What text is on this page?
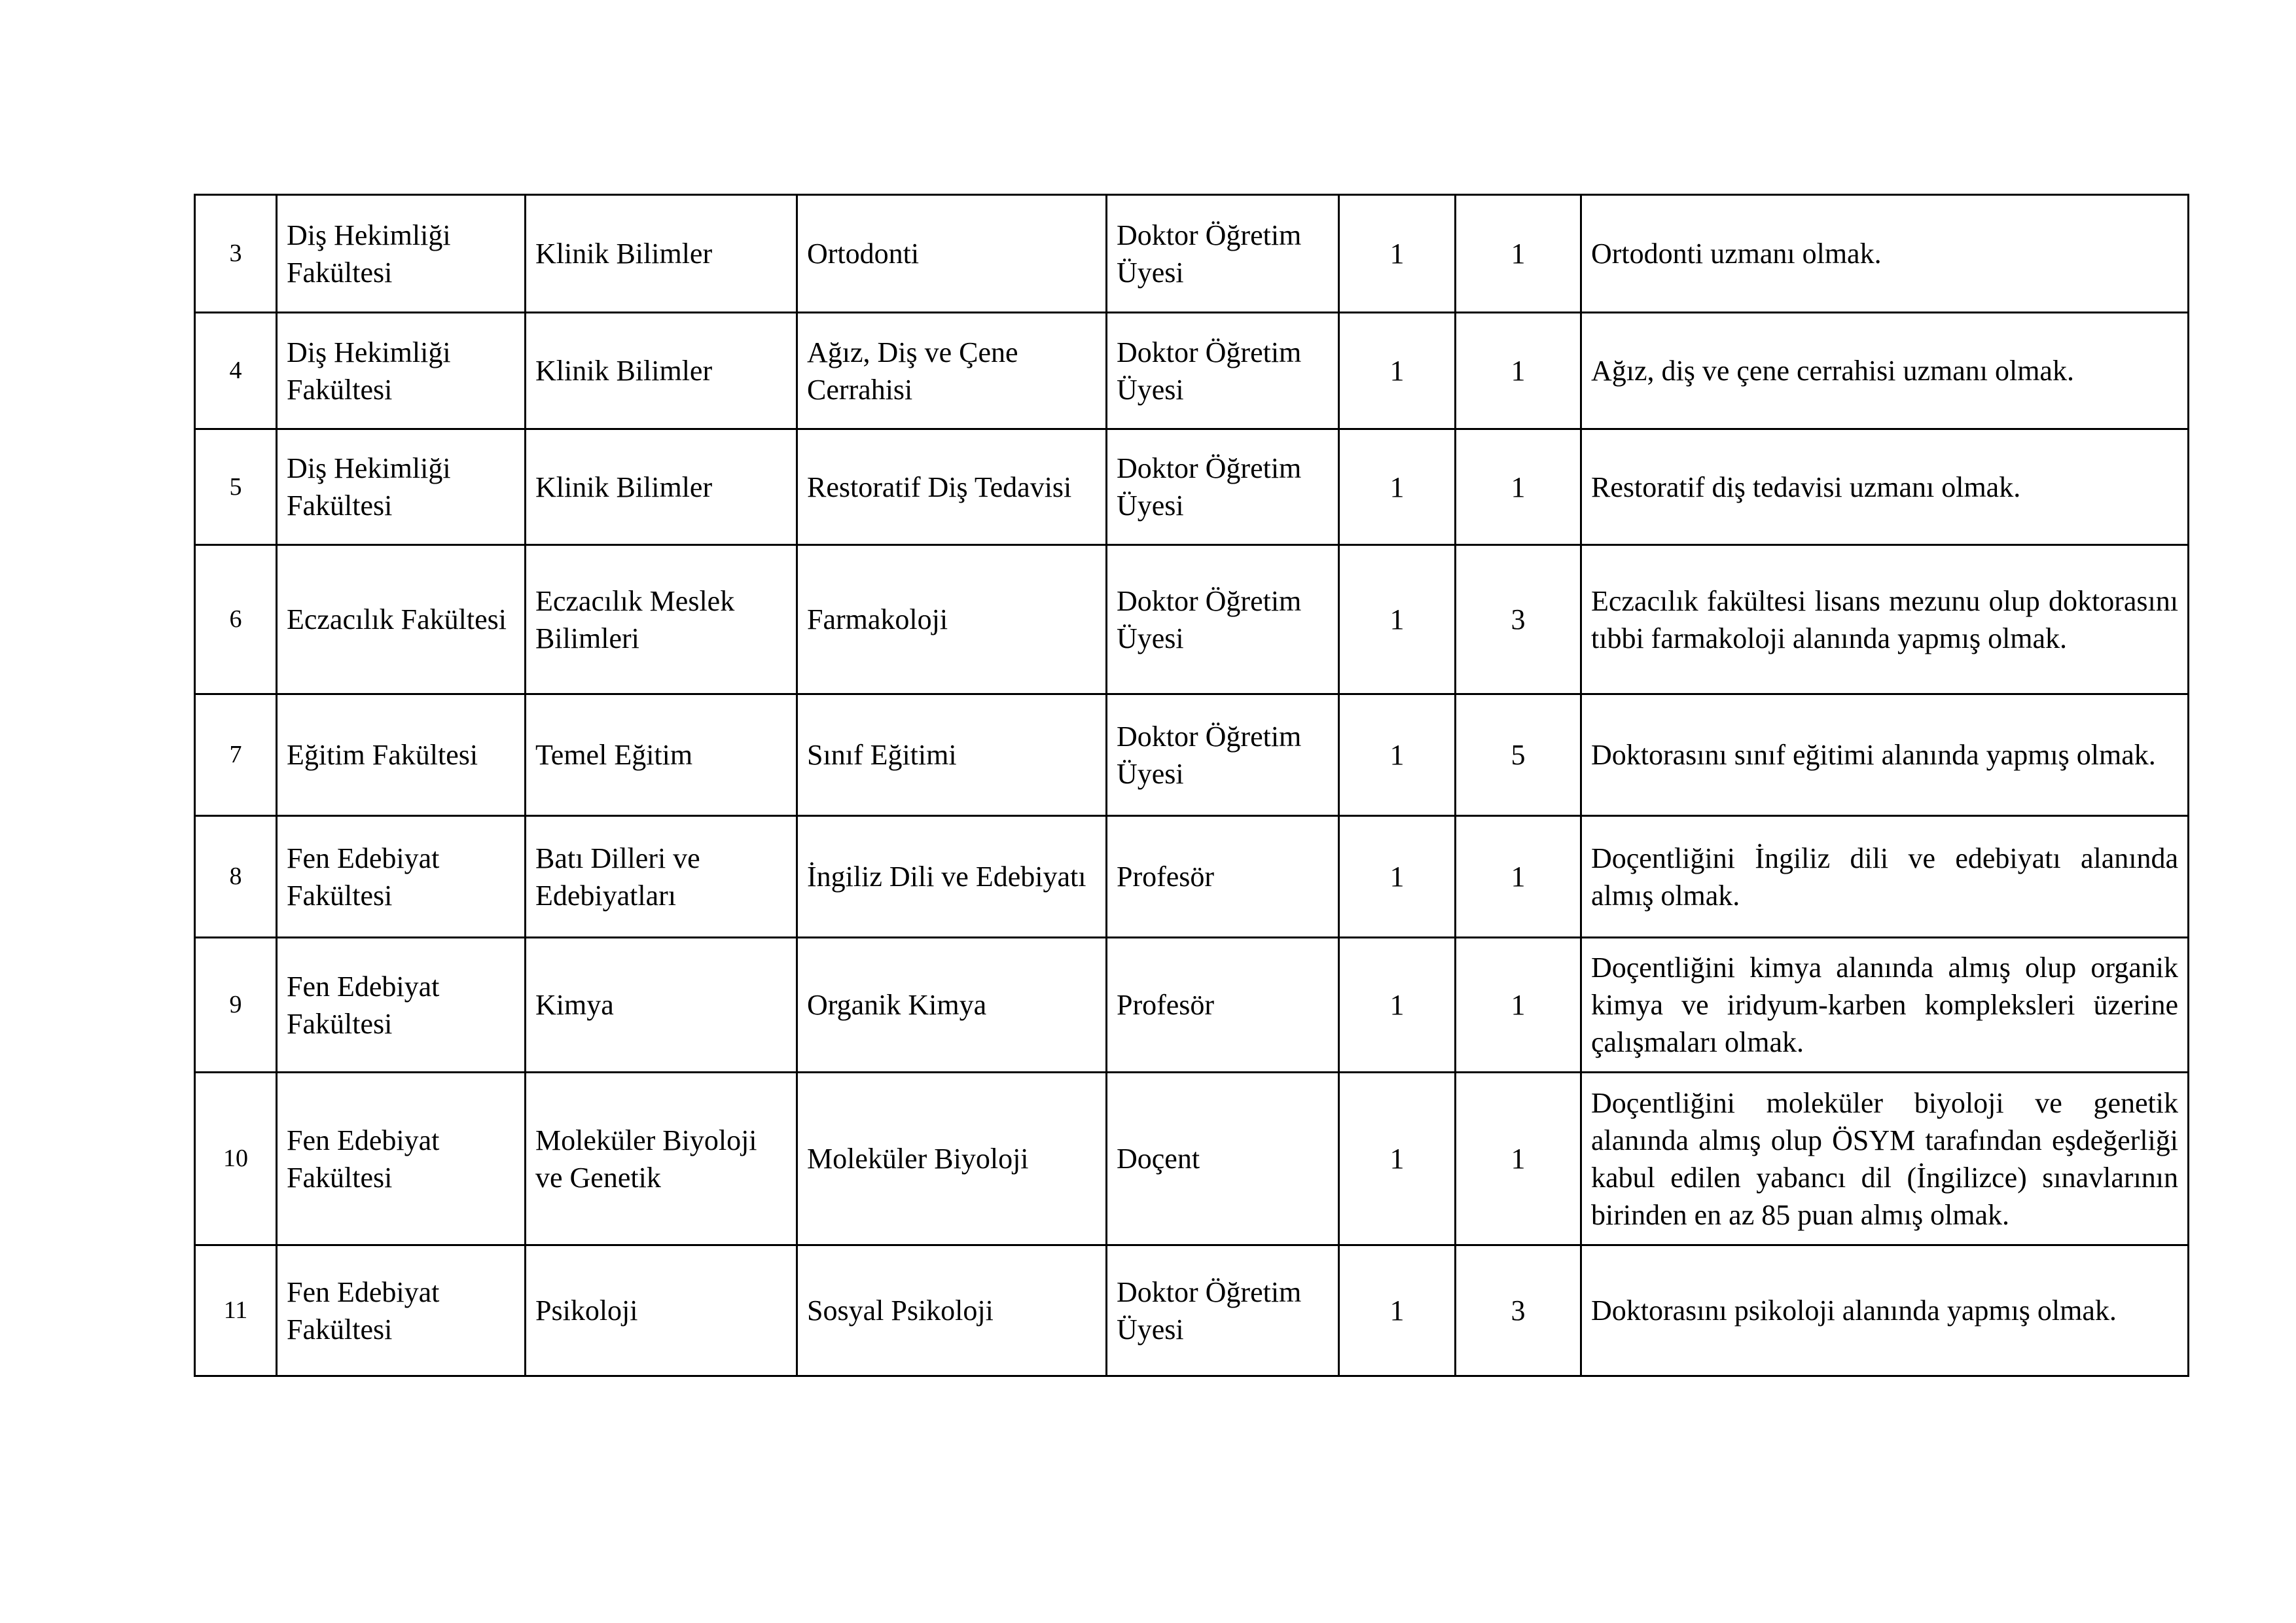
3	Diş Hekimliği Fakültesi	Klinik Bilimler	Ortodonti	Doktor Öğretim Üyesi	1	1	Ortodonti uzmanı olmak.
4	Diş Hekimliği Fakültesi	Klinik Bilimler	Ağız, Diş ve Çene Cerrahisi	Doktor Öğretim Üyesi	1	1	Ağız, diş ve çene cerrahisi uzmanı olmak.
5	Diş Hekimliği Fakültesi	Klinik Bilimler	Restoratif Diş Tedavisi	Doktor Öğretim Üyesi	1	1	Restoratif diş tedavisi uzmanı olmak.
6	Eczacılık Fakültesi	Eczacılık Meslek Bilimleri	Farmakoloji	Doktor Öğretim Üyesi	1	3	Eczacılık fakültesi lisans mezunu olup doktorasını tıbbi farmakoloji alanında yapmış olmak.
7	Eğitim Fakültesi	Temel Eğitim	Sınıf Eğitimi	Doktor Öğretim Üyesi	1	5	Doktorasını sınıf eğitimi alanında yapmış olmak.
8	Fen Edebiyat Fakültesi	Batı Dilleri ve Edebiyatları	İngiliz Dili ve Edebiyatı	Profesör	1	1	Doçentliğini İngiliz dili ve edebiyatı alanında almış olmak.
9	Fen Edebiyat Fakültesi	Kimya	Organik Kimya	Profesör	1	1	Doçentliğini kimya alanında almış olup organik kimya ve iridyum-karben kompleksleri üzerine çalışmaları olmak.
10	Fen Edebiyat Fakültesi	Moleküler Biyoloji ve Genetik	Moleküler Biyoloji	Doçent	1	1	Doçentliğini moleküler biyoloji ve genetik alanında almış olup ÖSYM tarafından eşdeğerliği kabul edilen yabancı dil (İngilizce) sınavlarının birinden en az 85 puan almış olmak.
11	Fen Edebiyat Fakültesi	Psikoloji	Sosyal Psikoloji	Doktor Öğretim Üyesi	1	3	Doktorasını psikoloji alanında yapmış olmak.
